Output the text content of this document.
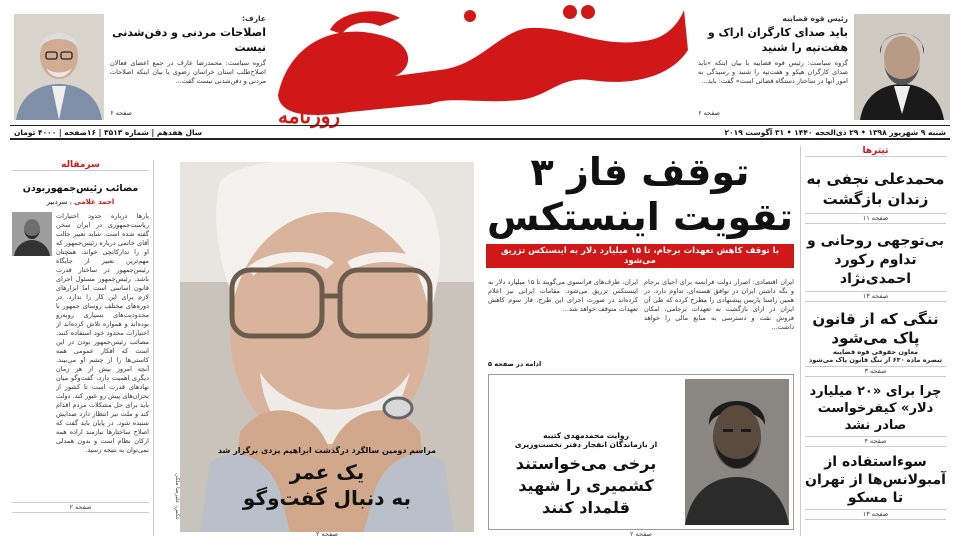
رئیس قوه قضاییه
باید صدای کارگران اراک و هفت‌تپه را شنید
گروه سیاست: رئیس قوه قضاییه با بیان اینکه «باید صدای کارگران هپکو و هفت‌تپه را شنید و رسیدگی به امور آنها در ساختار دستگاه قضائی است» گفت: باید...
صفحه ۶
روزنامه
عارف:
اصلاحات مردنی و دفن‌شدنی نیست
گروه سیاست: محمدرضا عارف در جمع اعضای فعالان اصلاح‌طلب استان خراسان رضوی با بیان اینکه اصلاحات مردنی و دفن‌شدنی نیست گفت...
صفحه ۶
شنبه ۹ شهریور ۱۳۹۸ • ۲۹ ذی‌الحجه ۱۴۴۰ • ۳۱ آگوست ۲۰۱۹
سال هفدهم | شماره ۳۵۱۳ | ۱۶صفحه | ۴۰۰۰ تومان
تیترها
محمدعلی نجفی به زندان بازگشت
صفحه ۱۱
بی‌توجهی روحانی و تداوم رکورد احمدی‌نژاد
صفحه ۱۳
ننگی که از قانون پاک می‌شود
معاون حقوقی قوه قضاییه
تبصره ماده ۶۳۰ از ننگ قانون پاک می‌شود
صفحه ۳
چرا برای «۲۰ میلیارد دلار» کیفرخواست صادر نشد
صفحه ۴
سوءاستفاده از آمبولانس‌ها از تهران تا مسکو
صفحه ۱۳
توقف فاز ۳
تقویت اینستکس
با توقف کاهش تعهدات برجام، تا ۱۵ میلیارد دلار به اینستکس تزریق می‌شود
ایران اقتصادی: اصرار دولت فرانسه برای احیای برجام و نگه داشتن ایران در توافق هسته‌ای، تداوم دارد. در همین راستا پاریس پیشنهادی را مطرح کرده که طی آن ایران در ازای بازگشت به تعهدات برجامی، امکان فروش نفت و دسترسی به منابع مالی را خواهد داشت...
ایران، طرف‌های فرانسوی می‌گویند تا ۱۵ میلیارد دلار به اینستکس تزریق می‌شود. مقامات ایرانی نیز اعلام کرده‌اند در صورت اجرای این طرح، فاز سوم کاهش تعهدات متوقف خواهد شد...
ادامه در صفحه ۵
روایت محمدمهدی کتیبه
از بازماندگان انفجار دفتر نخست‌وزیری
برخی می‌خواستند
کشمیری را شهید
قلمداد کنند
صفحه ۲
مراسم دومین سالگرد درگذشت ابراهیم یزدی برگزار شد
یک عمر
به دنبال گفت‌وگو
عکس: علیرضا ملکی
صفحه ۲
سرمقاله
مصائب رئیس‌جمهوربودن
احمد غلامی ، سردبیر
بارها درباره حدود اختیارات ریاست‌جمهوری در ایران سخن گفته شده است. شاید تعبیر جالب آقای خاتمی درباره رئیس‌جمهور که او را تدارکاتچی خواند، همچنان مهم‌ترین تعبیر از جایگاه رئیس‌جمهور در ساختار قدرت باشد. رئیس‌جمهور مسئول اجرای قانون اساسی است اما ابزارهای لازم برای این کار را ندارد. در دوره‌های مختلف روسای جمهور با محدودیت‌های بسیاری روبه‌رو بوده‌اند و همواره تلاش کرده‌اند از اختیارات محدود خود استفاده کنند. مصائب رئیس‌جمهور بودن در این است که افکار عمومی همه کاستی‌ها را از چشم او می‌بیند. آنچه امروز بیش از هر زمان دیگری اهمیت دارد، گفت‌وگو میان نهادهای قدرت است تا کشور از بحران‌های پیش رو عبور کند. دولت باید برای حل مشکلات مردم اقدام کند و ملت نیز انتظار دارد صدایش شنیده شود. در پایان باید گفت که اصلاح ساختارها نیازمند اراده همه ارکان نظام است و بدون همدلی نمی‌توان به نتیجه رسید.
صفحه ۲
